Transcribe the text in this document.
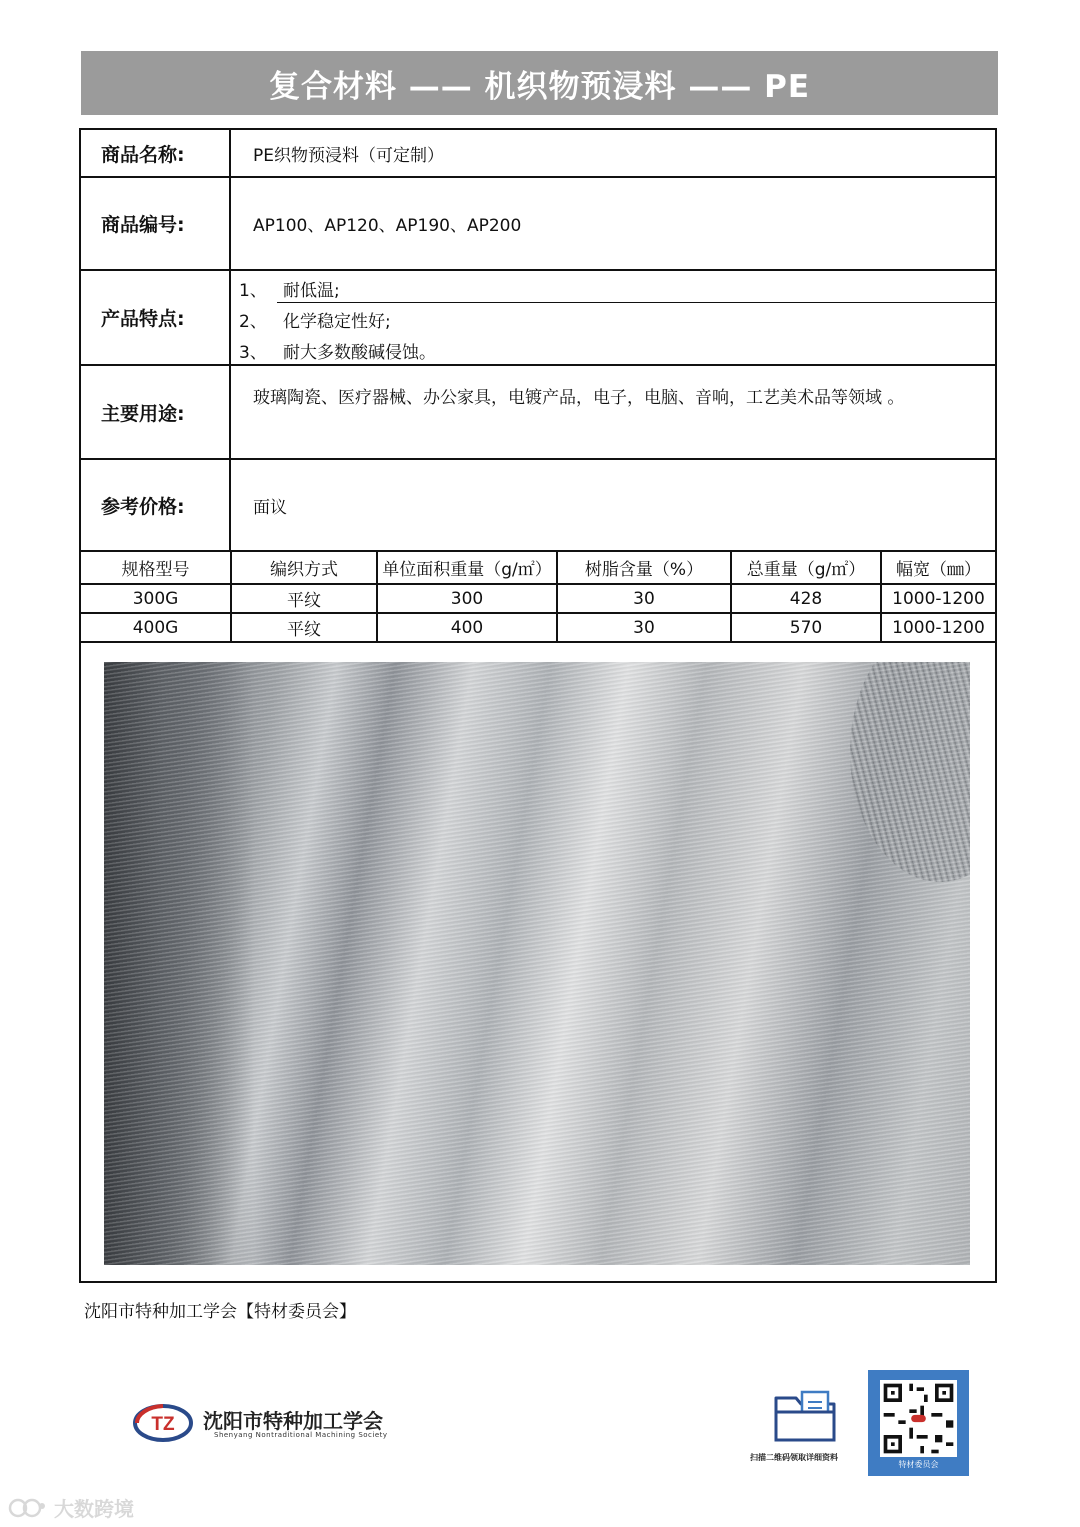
复合材料 —— 机织物预浸料 —— PE
商品名称:	PE织物预浸料（可定制）
商品编号:	AP100、AP120、AP190、AP200
产品特点:
1、 耐低温;
2、 化学稳定性好;
3、 耐大多数酸碱侵蚀。
主要用途:
玻璃陶瓷、医疗器械、办公家具，电镀产品，电子，电脑、音响，工艺美术品等领域 。
参考价格:	面议
规格型号	编织方式	单位面积重量（g/㎡）	树脂含量（%）	总重量（g/㎡）	幅宽（㎜）
300G	平纹	300	30	428	1000-1200
400G	平纹	400	30	570	1000-1200
沈阳市特种加工学会【特材委员会】
TZ 沈阳市特种加工学会
Shenyang Nontraditional Machining Society
扫描二维码领取详细资料
特材委员会
大数跨境
